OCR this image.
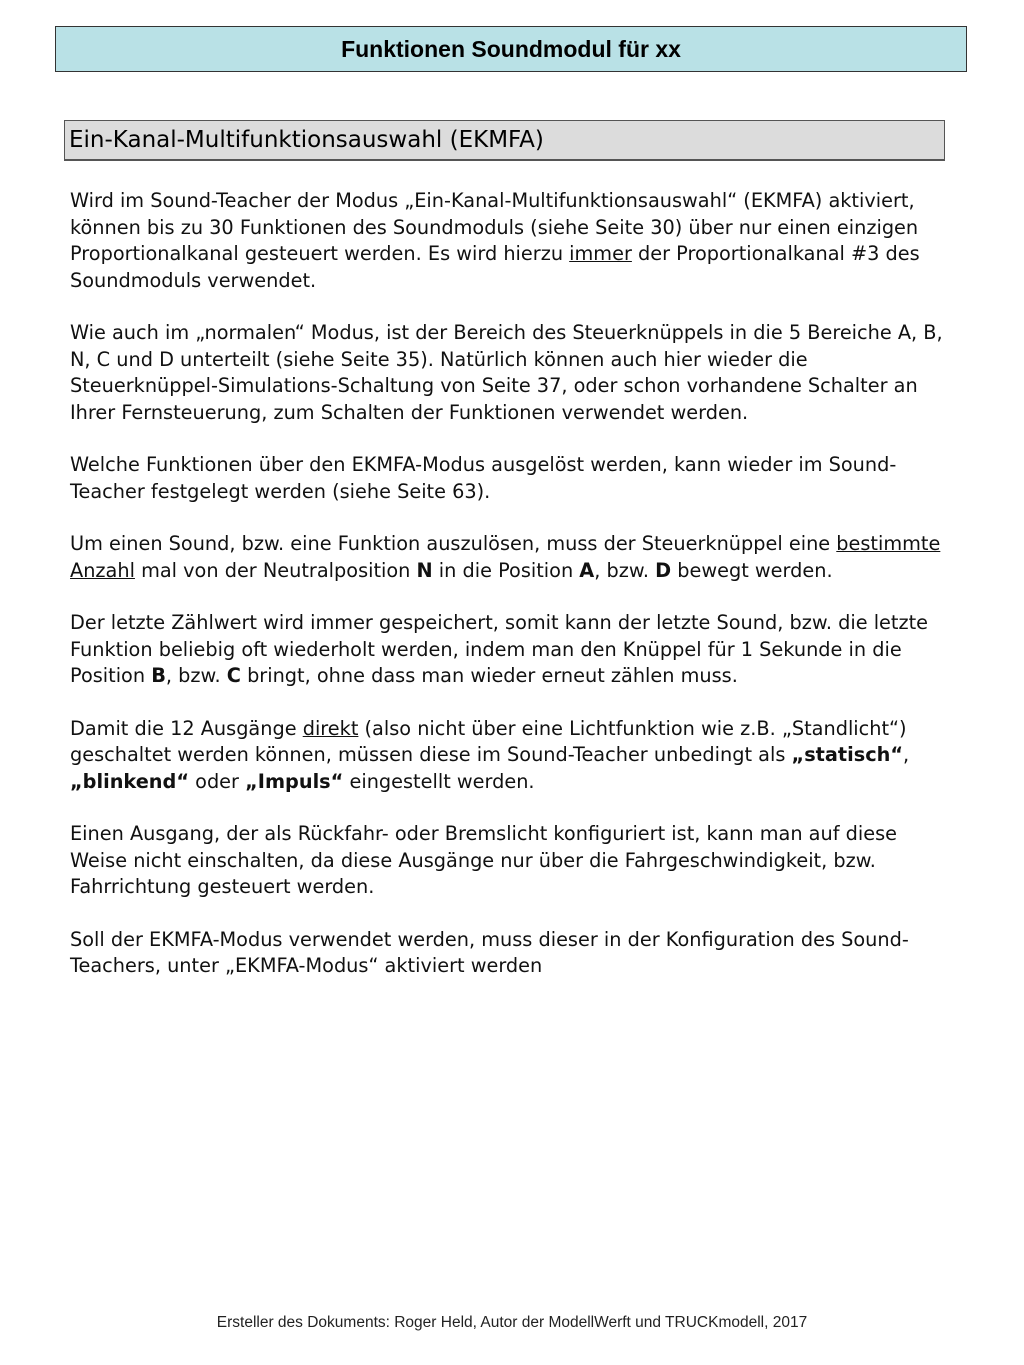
Funktionen Soundmodul für xx
Ein-Kanal-Multifunktionsauswahl (EKMFA)

Wird im Sound-Teacher der Modus „Ein-Kanal-Multifunktionsauswahl“ (EKMFA) aktiviert, können bis zu 30 Funktionen des Soundmoduls (siehe Seite 30) über nur einen einzigen Proportionalkanal gesteuert werden. Es wird hierzu immer der Proportionalkanal #3 des Soundmoduls verwendet.

Wie auch im „normalen“ Modus, ist der Bereich des Steuerknüppels in die 5 Bereiche A, B, N, C und D unterteilt (siehe Seite 35). Natürlich können auch hier wieder die Steuerknüppel-Simulations-Schaltung von Seite 37, oder schon vorhandene Schalter an Ihrer Fernsteuerung, zum Schalten der Funktionen verwendet werden.

Welche Funktionen über den EKMFA-Modus ausgelöst werden, kann wieder im Sound-Teacher festgelegt werden (siehe Seite 63).

Um einen Sound, bzw. eine Funktion auszulösen, muss der Steuerknüppel eine bestimmte Anzahl mal von der Neutralposition N in die Position A, bzw. D bewegt werden.

Der letzte Zählwert wird immer gespeichert, somit kann der letzte Sound, bzw. die letzte Funktion beliebig oft wiederholt werden, indem man den Knüppel für 1 Sekunde in die Position B, bzw. C bringt, ohne dass man wieder erneut zählen muss.

Damit die 12 Ausgänge direkt (also nicht über eine Lichtfunktion wie z.B. „Standlicht“) geschaltet werden können, müssen diese im Sound-Teacher unbedingt als „statisch“, „blinkend“ oder „Impuls“ eingestellt werden.

Einen Ausgang, der als Rückfahr- oder Bremslicht konfiguriert ist, kann man auf diese Weise nicht einschalten, da diese Ausgänge nur über die Fahrgeschwindigkeit, bzw. Fahrrichtung gesteuert werden.

Soll der EKMFA-Modus verwendet werden, muss dieser in der Konfiguration des Sound-Teachers, unter „EKMFA-Modus“ aktiviert werden

Ersteller des Dokuments: Roger Held, Autor der ModellWerft und TRUCKmodell, 2017
